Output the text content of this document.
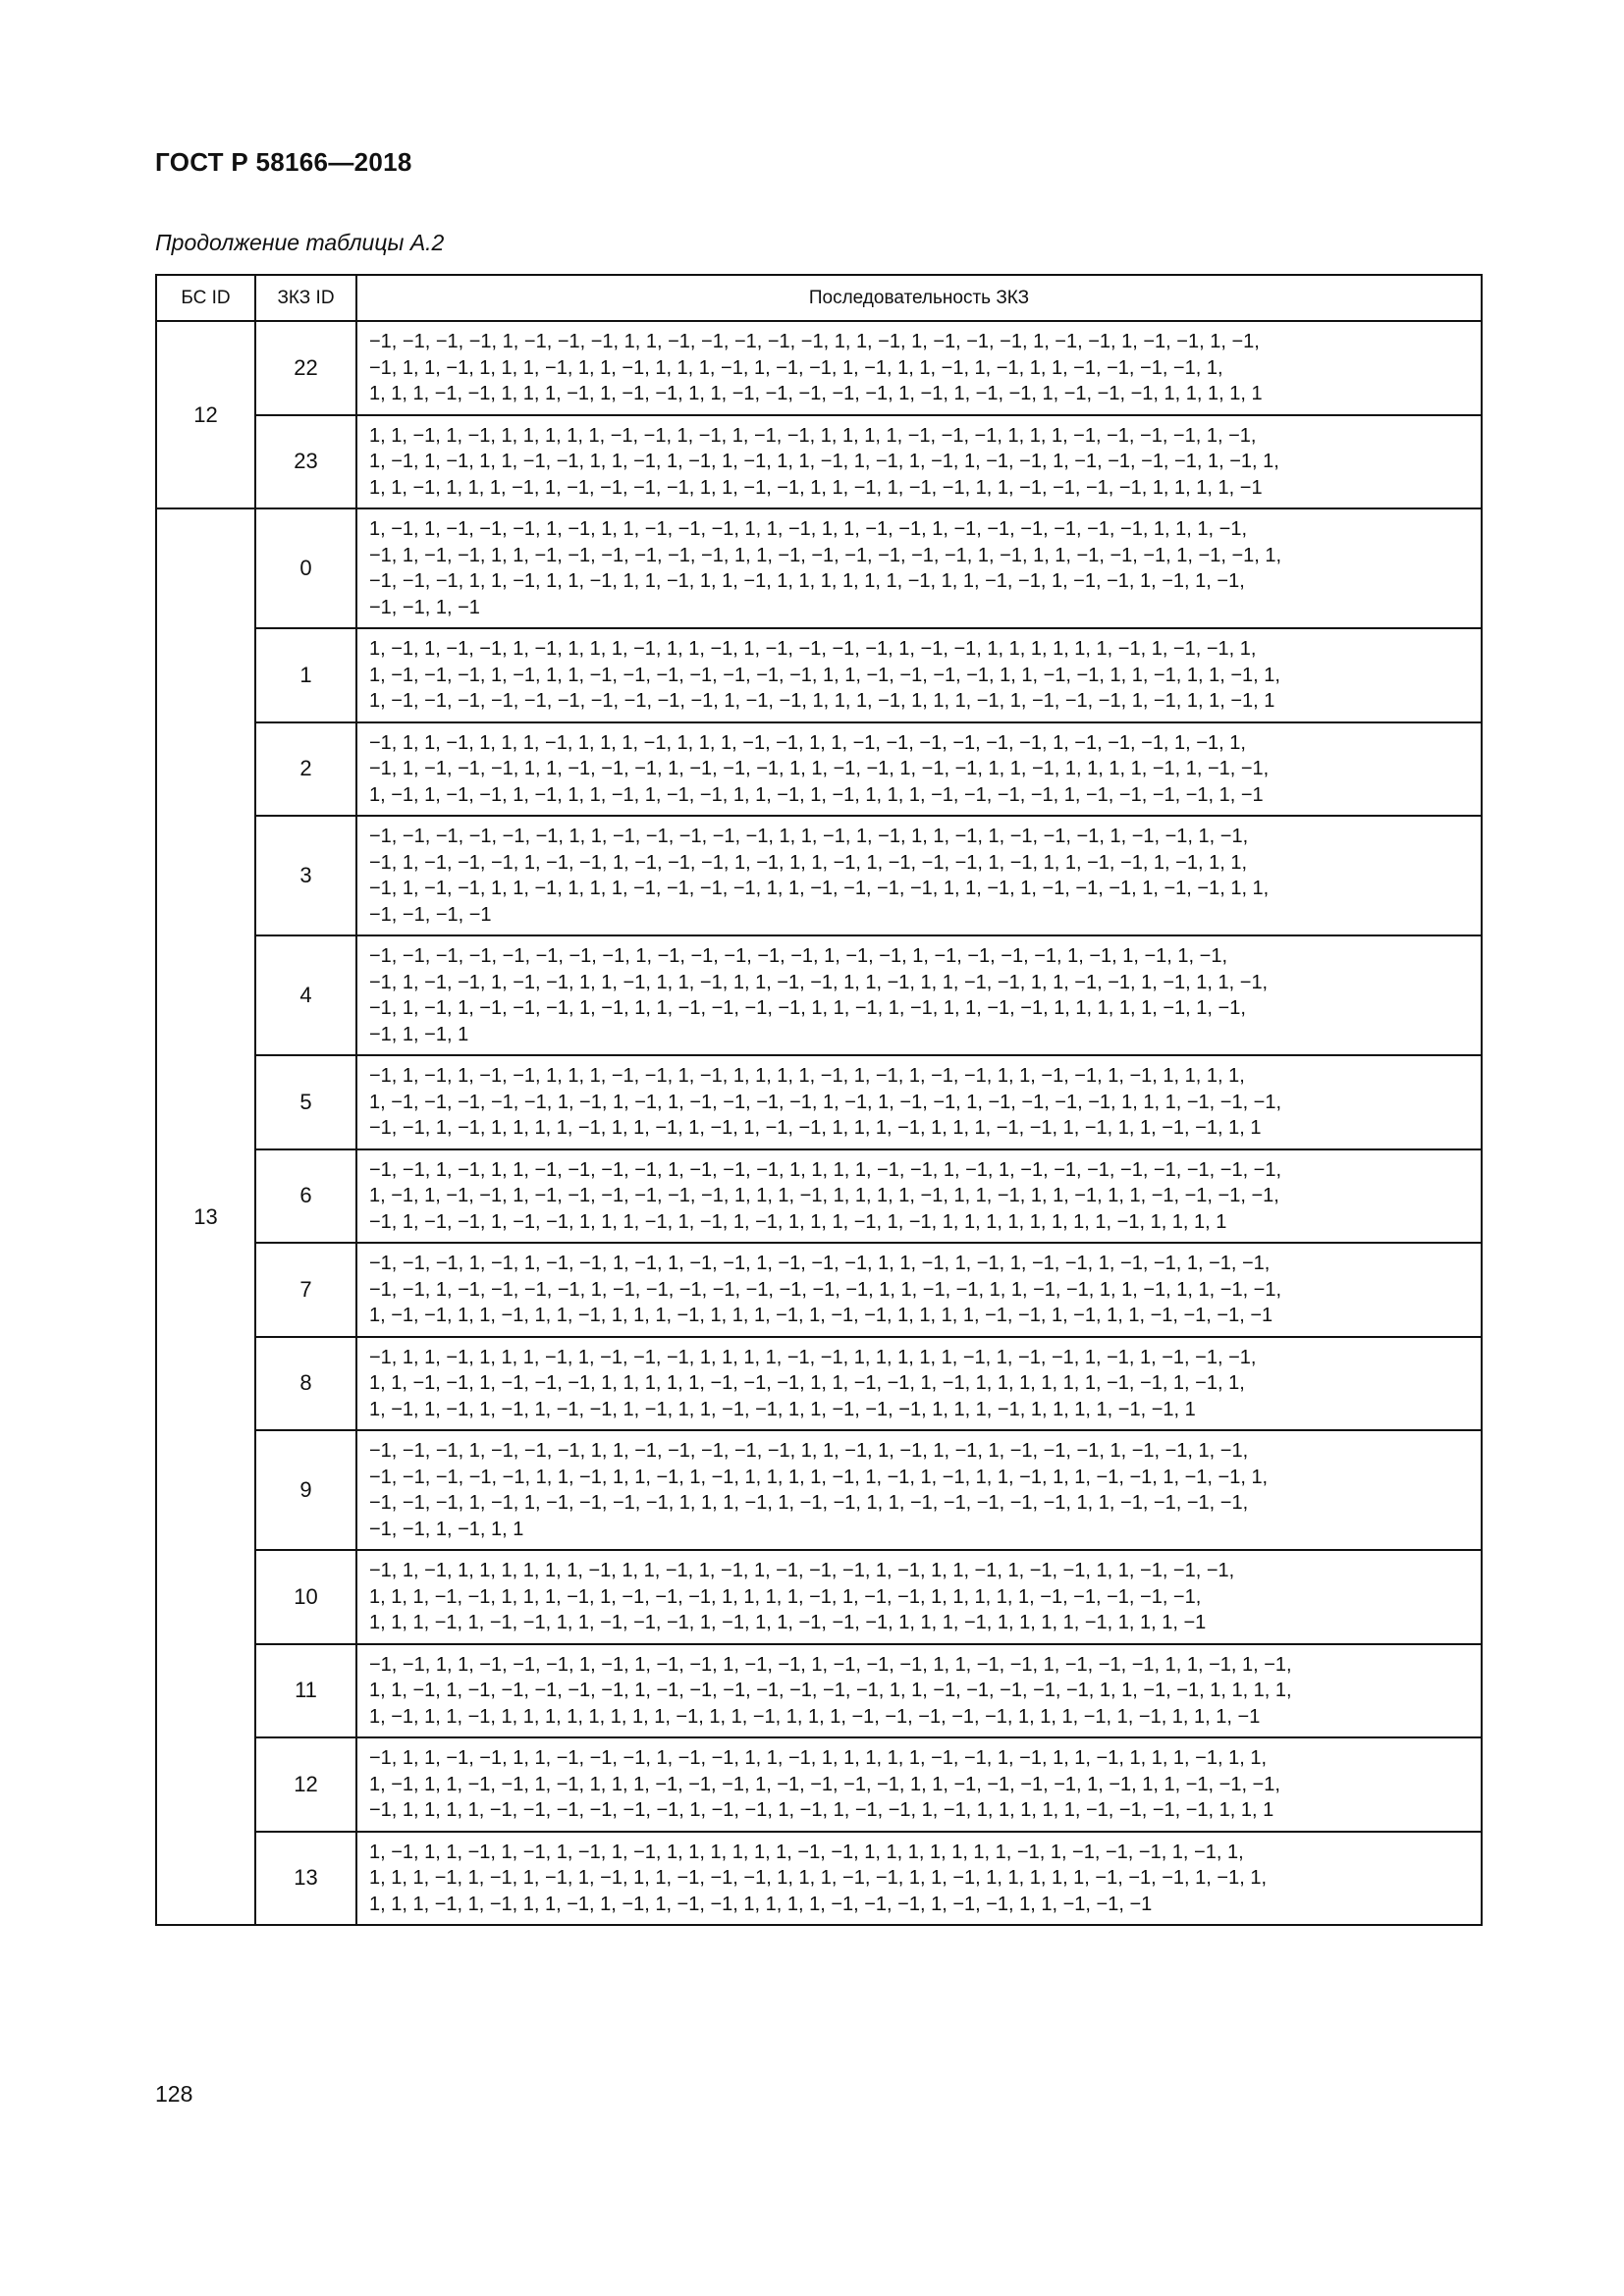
ГОСТ Р 58166—2018
Продолжение таблицы А.2
БС ID	ЗКЗ ID	Последовательность ЗКЗ
12	22	−1, −1, −1, −1, 1, −1, −1, −1, 1, 1, −1, −1, −1, −1, −1, 1, 1, −1, 1, −1, −1, −1, 1, −1, −1, 1, −1, −1, 1, −1,
−1, 1, 1, −1, 1, 1, 1, −1, 1, 1, −1, 1, 1, 1, −1, 1, −1, −1, 1, −1, 1, 1, −1, 1, −1, 1, 1, −1, −1, −1, −1, 1,
1, 1, 1, −1, −1, 1, 1, 1, −1, 1, −1, −1, 1, 1, −1, −1, −1, −1, −1, 1, −1, 1, −1, −1, 1, −1, −1, −1, 1, 1, 1, 1, 1

	23	1, 1, −1, 1, −1, 1, 1, 1, 1, 1, −1, −1, 1, −1, 1, −1, −1, 1, 1, 1, 1, −1, −1, −1, 1, 1, 1, −1, −1, −1, −1, 1, −1,
1, −1, 1, −1, 1, 1, −1, −1, 1, 1, −1, 1, −1, 1, −1, 1, 1, −1, 1, −1, 1, −1, 1, −1, −1, 1, −1, −1, −1, −1, 1, −1, 1,
1, 1, −1, 1, 1, 1, −1, 1, −1, −1, −1, −1, 1, 1, −1, −1, 1, 1, −1, 1, −1, −1, 1, 1, −1, −1, −1, −1, 1, 1, 1, 1, −1

13	0	1, −1, 1, −1, −1, −1, 1, −1, 1, 1, −1, −1, −1, 1, 1, −1, 1, 1, −1, −1, 1, −1, −1, −1, −1, −1, −1, 1, 1, 1, −1,
−1, 1, −1, −1, 1, 1, −1, −1, −1, −1, −1, −1, 1, 1, −1, −1, −1, −1, −1, −1, 1, −1, 1, 1, −1, −1, −1, 1, −1, −1, 1,
−1, −1, −1, 1, 1, −1, 1, 1, −1, 1, 1, −1, 1, 1, −1, 1, 1, 1, 1, 1, 1, −1, 1, 1, −1, −1, 1, −1, −1, 1, −1, 1, −1,
−1, −1, 1, −1

	1	1, −1, 1, −1, −1, 1, −1, 1, 1, 1, −1, 1, 1, −1, 1, −1, −1, −1, −1, 1, −1, −1, 1, 1, 1, 1, 1, 1, −1, 1, −1, −1, 1,
1, −1, −1, −1, 1, −1, 1, 1, −1, −1, −1, −1, −1, −1, −1, 1, 1, −1, −1, −1, −1, 1, 1, −1, −1, 1, 1, −1, 1, 1, −1, 1,
1, −1, −1, −1, −1, −1, −1, −1, −1, −1, −1, 1, −1, −1, 1, 1, 1, −1, 1, 1, 1, −1, 1, −1, −1, −1, 1, −1, 1, 1, −1, 1

	2	−1, 1, 1, −1, 1, 1, 1, −1, 1, 1, 1, −1, 1, 1, 1, −1, −1, 1, 1, −1, −1, −1, −1, −1, −1, 1, −1, −1, −1, 1, −1, 1,
−1, 1, −1, −1, −1, 1, 1, −1, −1, −1, 1, −1, −1, −1, 1, 1, −1, −1, 1, −1, −1, 1, 1, −1, 1, 1, 1, 1, −1, 1, −1, −1,
1, −1, 1, −1, −1, 1, −1, 1, 1, −1, 1, −1, −1, 1, 1, −1, 1, −1, 1, 1, 1, −1, −1, −1, −1, 1, −1, −1, −1, −1, 1, −1

	3	−1, −1, −1, −1, −1, −1, 1, 1, −1, −1, −1, −1, −1, 1, 1, −1, 1, −1, 1, 1, −1, 1, −1, −1, −1, 1, −1, −1, 1, −1,
−1, 1, −1, −1, −1, 1, −1, −1, 1, −1, −1, −1, 1, −1, 1, 1, −1, 1, −1, −1, −1, 1, −1, 1, 1, −1, −1, 1, −1, 1, 1,
−1, 1, −1, −1, 1, 1, −1, 1, 1, 1, −1, −1, −1, −1, 1, 1, −1, −1, −1, −1, 1, 1, −1, 1, −1, −1, −1, 1, −1, −1, 1, 1,
−1, −1, −1, −1

	4	−1, −1, −1, −1, −1, −1, −1, −1, 1, −1, −1, −1, −1, −1, 1, −1, −1, 1, −1, −1, −1, −1, 1, −1, 1, −1, 1, −1,
−1, 1, −1, −1, 1, −1, −1, 1, 1, −1, 1, 1, −1, 1, 1, −1, −1, 1, 1, −1, 1, 1, −1, −1, 1, 1, −1, −1, 1, −1, 1, 1, −1,
−1, 1, −1, 1, −1, −1, −1, 1, −1, 1, 1, −1, −1, −1, −1, 1, 1, −1, 1, −1, 1, 1, −1, −1, 1, 1, 1, 1, 1, −1, 1, −1,
−1, 1, −1, 1

	5	−1, 1, −1, 1, −1, −1, 1, 1, 1, −1, −1, 1, −1, 1, 1, 1, 1, −1, 1, −1, 1, −1, −1, 1, 1, −1, −1, 1, −1, 1, 1, 1, 1,
1, −1, −1, −1, −1, −1, 1, −1, 1, −1, 1, −1, −1, −1, −1, 1, −1, 1, −1, −1, 1, −1, −1, −1, −1, 1, 1, 1, −1, −1, −1,
−1, −1, 1, −1, 1, 1, 1, 1, −1, 1, 1, −1, 1, −1, 1, −1, −1, 1, 1, 1, −1, 1, 1, 1, −1, −1, 1, −1, 1, 1, −1, −1, 1, 1

	6	−1, −1, 1, −1, 1, 1, −1, −1, −1, −1, 1, −1, −1, −1, 1, 1, 1, 1, −1, −1, 1, −1, 1, −1, −1, −1, −1, −1, −1, −1, −1,
1, −1, 1, −1, −1, 1, −1, −1, −1, −1, −1, −1, 1, 1, 1, −1, 1, 1, 1, 1, −1, 1, 1, −1, 1, 1, −1, 1, 1, −1, −1, −1, −1,
−1, 1, −1, −1, 1, −1, −1, 1, 1, 1, −1, 1, −1, 1, −1, 1, 1, 1, −1, 1, −1, 1, 1, 1, 1, 1, 1, 1, 1, −1, 1, 1, 1, 1

	7	−1, −1, −1, 1, −1, 1, −1, −1, 1, −1, 1, −1, −1, 1, −1, −1, −1, 1, 1, −1, 1, −1, 1, −1, −1, 1, −1, −1, 1, −1, −1,
−1, −1, 1, −1, −1, −1, −1, 1, −1, −1, −1, −1, −1, −1, −1, −1, 1, 1, −1, −1, 1, 1, −1, −1, 1, 1, −1, 1, 1, −1, −1,
1, −1, −1, 1, 1, −1, 1, 1, −1, 1, 1, 1, −1, 1, 1, 1, −1, 1, −1, −1, 1, 1, 1, 1, −1, −1, 1, −1, 1, 1, −1, −1, −1, −1

	8	−1, 1, 1, −1, 1, 1, 1, −1, 1, −1, −1, −1, 1, 1, 1, 1, −1, −1, 1, 1, 1, 1, 1, −1, 1, −1, −1, 1, −1, 1, −1, −1, −1,
1, 1, −1, −1, 1, −1, −1, −1, 1, 1, 1, 1, 1, −1, −1, −1, 1, 1, −1, −1, 1, −1, 1, 1, 1, 1, 1, 1, −1, −1, 1, −1, 1,
1, −1, 1, −1, 1, −1, 1, −1, −1, 1, −1, 1, 1, −1, −1, 1, 1, −1, −1, −1, 1, 1, 1, −1, 1, 1, 1, 1, −1, −1, 1

	9	−1, −1, −1, 1, −1, −1, −1, 1, 1, −1, −1, −1, −1, −1, 1, 1, −1, 1, −1, 1, −1, 1, −1, −1, −1, 1, −1, −1, 1, −1,
−1, −1, −1, −1, −1, 1, 1, −1, 1, 1, −1, 1, −1, 1, 1, 1, 1, −1, 1, −1, 1, −1, 1, 1, −1, 1, 1, −1, −1, 1, −1, −1, 1,
−1, −1, −1, 1, −1, 1, −1, −1, −1, −1, 1, 1, 1, −1, 1, −1, −1, 1, 1, −1, −1, −1, −1, −1, 1, 1, −1, −1, −1, −1,
−1, −1, 1, −1, 1, 1

	10	−1, 1, −1, 1, 1, 1, 1, 1, 1, −1, 1, 1, −1, 1, −1, 1, −1, −1, −1, 1, −1, 1, 1, −1, 1, −1, −1, 1, 1, −1, −1, −1,
1, 1, 1, −1, −1, 1, 1, 1, −1, 1, −1, −1, −1, 1, 1, 1, 1, −1, 1, −1, −1, 1, 1, 1, 1, 1, −1, −1, −1, −1, −1,
1, 1, 1, −1, 1, −1, −1, 1, 1, −1, −1, −1, 1, −1, 1, 1, −1, −1, −1, 1, 1, 1, −1, 1, 1, 1, 1, −1, 1, 1, 1, −1

	11	−1, −1, 1, 1, −1, −1, −1, 1, −1, 1, −1, −1, 1, −1, −1, 1, −1, −1, −1, 1, 1, −1, −1, 1, −1, −1, −1, 1, 1, −1, 1, −1,
1, 1, −1, 1, −1, −1, −1, −1, −1, 1, −1, −1, −1, −1, −1, −1, −1, 1, 1, −1, −1, −1, −1, −1, 1, 1, −1, −1, 1, 1, 1, 1,
1, −1, 1, 1, −1, 1, 1, 1, 1, 1, 1, 1, 1, −1, 1, 1, −1, 1, 1, 1, −1, −1, −1, −1, −1, 1, 1, 1, −1, 1, −1, 1, 1, 1, −1

	12	−1, 1, 1, −1, −1, 1, 1, −1, −1, −1, 1, −1, −1, 1, 1, −1, 1, 1, 1, 1, 1, −1, −1, 1, −1, 1, 1, −1, 1, 1, 1, −1, 1, 1,
1, −1, 1, 1, −1, −1, 1, −1, 1, 1, 1, −1, −1, −1, 1, −1, −1, −1, −1, 1, 1, −1, −1, −1, −1, 1, −1, 1, 1, −1, −1, −1,
−1, 1, 1, 1, 1, −1, −1, −1, −1, −1, −1, 1, −1, −1, 1, −1, 1, −1, −1, 1, −1, 1, 1, 1, 1, 1, −1, −1, −1, −1, 1, 1, 1

	13	1, −1, 1, 1, −1, 1, −1, 1, −1, 1, −1, 1, 1, 1, 1, 1, 1, −1, −1, 1, 1, 1, 1, 1, 1, 1, −1, 1, −1, −1, −1, 1, −1, 1,
1, 1, 1, −1, 1, −1, 1, −1, 1, −1, 1, 1, −1, −1, −1, 1, 1, 1, −1, −1, 1, 1, −1, 1, 1, 1, 1, 1, −1, −1, −1, 1, −1, 1,
1, 1, 1, −1, 1, −1, 1, 1, −1, 1, −1, 1, −1, −1, 1, 1, 1, 1, −1, −1, −1, 1, −1, −1, 1, 1, −1, −1, −1
128
